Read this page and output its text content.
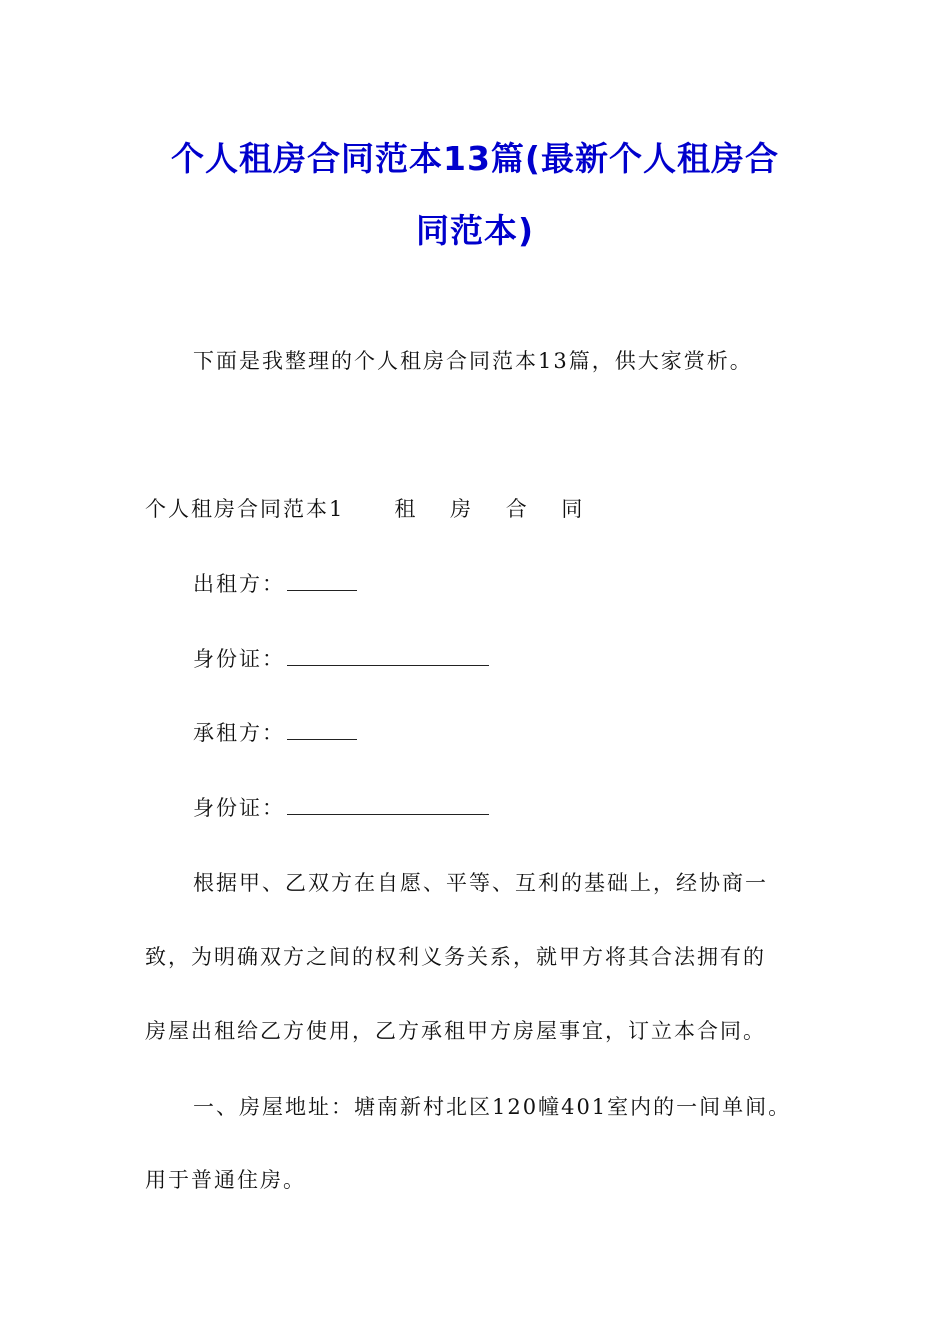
个人租房合同范本13篇(最新个人租房合
同范本)
下面是我整理的个人租房合同范本13篇，供大家赏析。
个人租房合同范本1 租 房 合 同
出租方：
身份证：
承租方：
身份证：
根据甲、乙双方在自愿、平等、互利的基础上，经协商一
致，为明确双方之间的权利义务关系，就甲方将其合法拥有的
房屋出租给乙方使用，乙方承租甲方房屋事宜，订立本合同。
一、房屋地址：塘南新村北区120幢401室内的一间单间。
用于普通住房。
